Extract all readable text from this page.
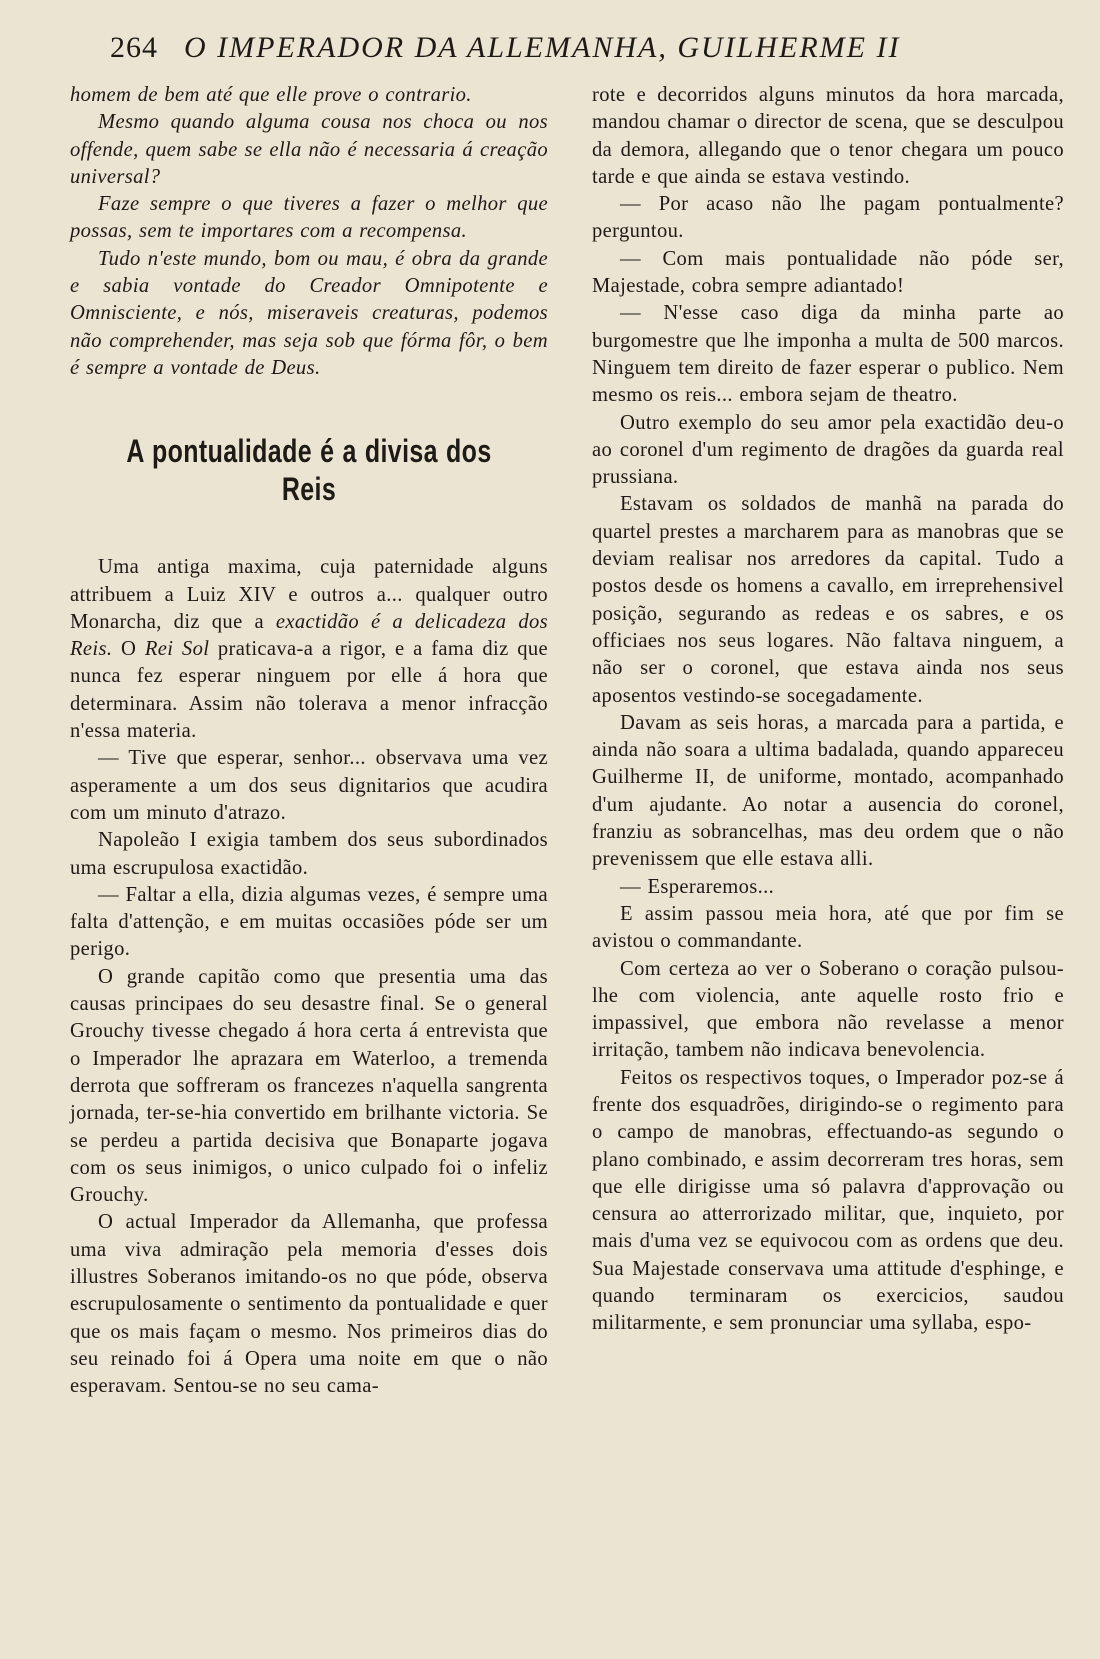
264 O IMPERADOR DA ALLEMANHA, GUILHERME II

homem de bem até que elle prove o contrario.

Mesmo quando alguma cousa nos choca ou nos offende, quem sabe se ella não é necessaria á creação universal?

Faze sempre o que tiveres a fazer o melhor que possas, sem te importares com a recompensa.

Tudo n'este mundo, bom ou mau, é obra da grande e sabia vontade do Creador Omnipotente e Omnisciente, e nós, miseraveis creaturas, podemos não comprehender, mas seja sob que fórma fôr, o bem é sempre a vontade de Deus.

A pontualidade é a divisa dos Reis

Uma antiga maxima, cuja paternidade alguns attribuem a Luiz XIV e outros a... qualquer outro Monarcha, diz que a exactidão é a delicadeza dos Reis. O Rei Sol praticava-a a rigor, e a fama diz que nunca fez esperar ninguem por elle á hora que determinara. Assim não tolerava a menor infracção n'essa materia.

— Tive que esperar, senhor... observava uma vez asperamente a um dos seus dignitarios que acudira com um minuto d'atrazo.

Napoleão I exigia tambem dos seus subordinados uma escrupulosa exactidão.

— Faltar a ella, dizia algumas vezes, é sempre uma falta d'attenção, e em muitas occasiões póde ser um perigo.

O grande capitão como que presentia uma das causas principaes do seu desastre final. Se o general Grouchy tivesse chegado á hora certa á entrevista que o Imperador lhe aprazara em Waterloo, a tremenda derrota que soffreram os francezes n'aquella sangrenta jornada, ter-se-hia convertido em brilhante victoria. Se se perdeu a partida decisiva que Bonaparte jogava com os seus inimigos, o unico culpado foi o infeliz Grouchy.

O actual Imperador da Allemanha, que professa uma viva admiração pela memoria d'esses dois illustres Soberanos imitando-os no que póde, observa escrupulosamente o sentimento da pontualidade e quer que os mais façam o mesmo. Nos primeiros dias do seu reinado foi á Opera uma noite em que o não esperavam. Sentou-se no seu cama-

rote e decorridos alguns minutos da hora marcada, mandou chamar o director de scena, que se desculpou da demora, allegando que o tenor chegara um pouco tarde e que ainda se estava vestindo.

— Por acaso não lhe pagam pontualmente? perguntou.

— Com mais pontualidade não póde ser, Majestade, cobra sempre adiantado!

— N'esse caso diga da minha parte ao burgomestre que lhe imponha a multa de 500 marcos. Ninguem tem direito de fazer esperar o publico. Nem mesmo os reis... embora sejam de theatro.

Outro exemplo do seu amor pela exactidão deu-o ao coronel d'um regimento de dragões da guarda real prussiana.

Estavam os soldados de manhã na parada do quartel prestes a marcharem para as manobras que se deviam realisar nos arredores da capital. Tudo a postos desde os homens a cavallo, em irreprehensivel posição, segurando as redeas e os sabres, e os officiaes nos seus logares. Não faltava ninguem, a não ser o coronel, que estava ainda nos seus aposentos vestindo-se socegadamente.

Davam as seis horas, a marcada para a partida, e ainda não soara a ultima badalada, quando appareceu Guilherme II, de uniforme, montado, acompanhado d'um ajudante. Ao notar a ausencia do coronel, franziu as sobrancelhas, mas deu ordem que o não prevenissem que elle estava alli.

— Esperaremos...

E assim passou meia hora, até que por fim se avistou o commandante.

Com certeza ao ver o Soberano o coração pulsou-lhe com violencia, ante aquelle rosto frio e impassivel, que embora não revelasse a menor irritação, tambem não indicava benevolencia.

Feitos os respectivos toques, o Imperador poz-se á frente dos esquadrões, dirigindo-se o regimento para o campo de manobras, effectuando-as segundo o plano combinado, e assim decorreram tres horas, sem que elle dirigisse uma só palavra d'approvação ou censura ao atterrorizado militar, que, inquieto, por mais d'uma vez se equivocou com as ordens que deu. Sua Majestade conservava uma attitude d'esphinge, e quando terminaram os exercicios, saudou militarmente, e sem pronunciar uma syllaba, espo-
